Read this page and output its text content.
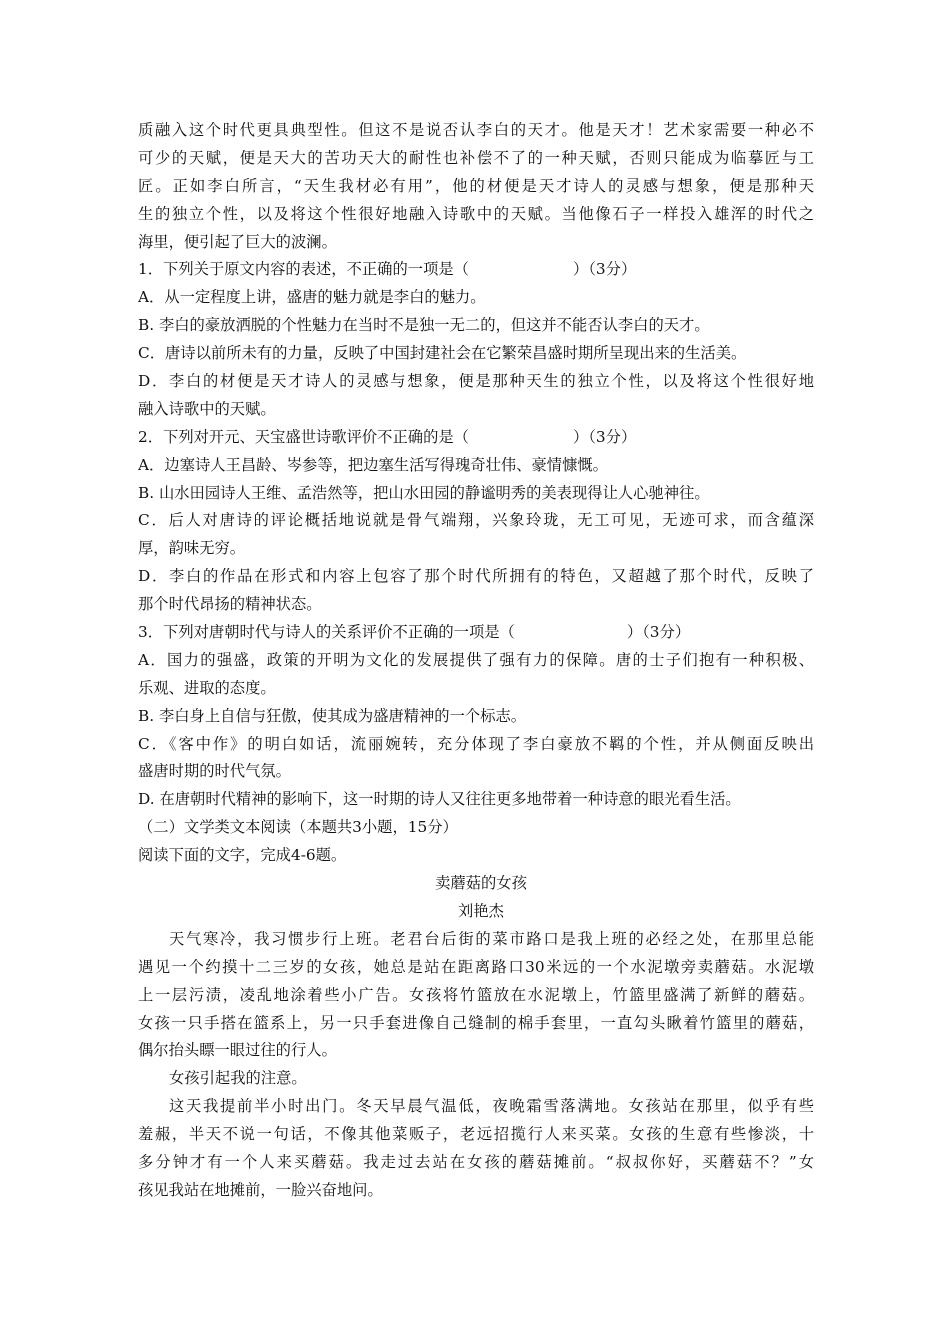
质融入这个时代更具典型性。但这不是说否认李白的天才。他是天才！艺术家需要一种必不
可少的天赋，便是天大的苦功天大的耐性也补偿不了的一种天赋，否则只能成为临摹匠与工
匠。正如李白所言，“天生我材必有用”，他的材便是天才诗人的灵感与想象，便是那种天
生的独立个性，以及将这个性很好地融入诗歌中的天赋。当他像石子一样投入雄浑的时代之
海里，便引起了巨大的波澜。
1．下列关于原文内容的表述，不正确的一项是（	）（3分）
A．从一定程度上讲，盛唐的魅力就是李白的魅力。
B. 李白的豪放洒脱的个性魅力在当时不是独一无二的，但这并不能否认李白的天才。
C．唐诗以前所未有的力量，反映了中国封建社会在它繁荣昌盛时期所呈现出来的生活美。
D．李白的材便是天才诗人的灵感与想象，便是那种天生的独立个性，以及将这个性很好地
融入诗歌中的天赋。
2．下列对开元、天宝盛世诗歌评价不正确的是（	）（3分）
A．边塞诗人王昌龄、岑参等，把边塞生活写得瑰奇壮伟、豪情慷慨。
B. 山水田园诗人王维、孟浩然等，把山水田园的静谧明秀的美表现得让人心驰神往。
C．后人对唐诗的评论概括地说就是骨气端翔，兴象玲珑，无工可见，无迹可求，而含蕴深
厚，韵味无穷。
D．李白的作品在形式和内容上包容了那个时代所拥有的特色，又超越了那个时代，反映了
那个时代昂扬的精神状态。
3．下列对唐朝时代与诗人的关系评价不正确的一项是（	）（3分）
A．国力的强盛，政策的开明为文化的发展提供了强有力的保障。唐的士子们抱有一种积极、
乐观、进取的态度。
B. 李白身上自信与狂傲，使其成为盛唐精神的一个标志。
C．《客中作》的明白如话，流丽婉转，充分体现了李白豪放不羁的个性，并从侧面反映出
盛唐时期的时代气氛。
D. 在唐朝时代精神的影响下，这一时期的诗人又往往更多地带着一种诗意的眼光看生活。
（二）文学类文本阅读（本题共3小题，15分）
阅读下面的文字，完成4-6题。
卖蘑菇的女孩
刘艳杰
天气寒冷，我习惯步行上班。老君台后街的菜市路口是我上班的必经之处，在那里总能
遇见一个约摸十二三岁的女孩，她总是站在距离路口30米远的一个水泥墩旁卖蘑菇。水泥墩
上一层污渍，凌乱地涂着些小广告。女孩将竹篮放在水泥墩上，竹篮里盛满了新鲜的蘑菇。
女孩一只手搭在篮系上，另一只手套进像自己缝制的棉手套里，一直勾头瞅着竹篮里的蘑菇，
偶尔抬头瞟一眼过往的行人。
女孩引起我的注意。
这天我提前半小时出门。冬天早晨气温低，夜晚霜雪落满地。女孩站在那里，似乎有些
羞赧，半天不说一句话，不像其他菜贩子，老远招揽行人来买菜。女孩的生意有些惨淡，十
多分钟才有一个人来买蘑菇。我走过去站在女孩的蘑菇摊前。“叔叔你好，买蘑菇不？”女
孩见我站在地摊前，一脸兴奋地问。
